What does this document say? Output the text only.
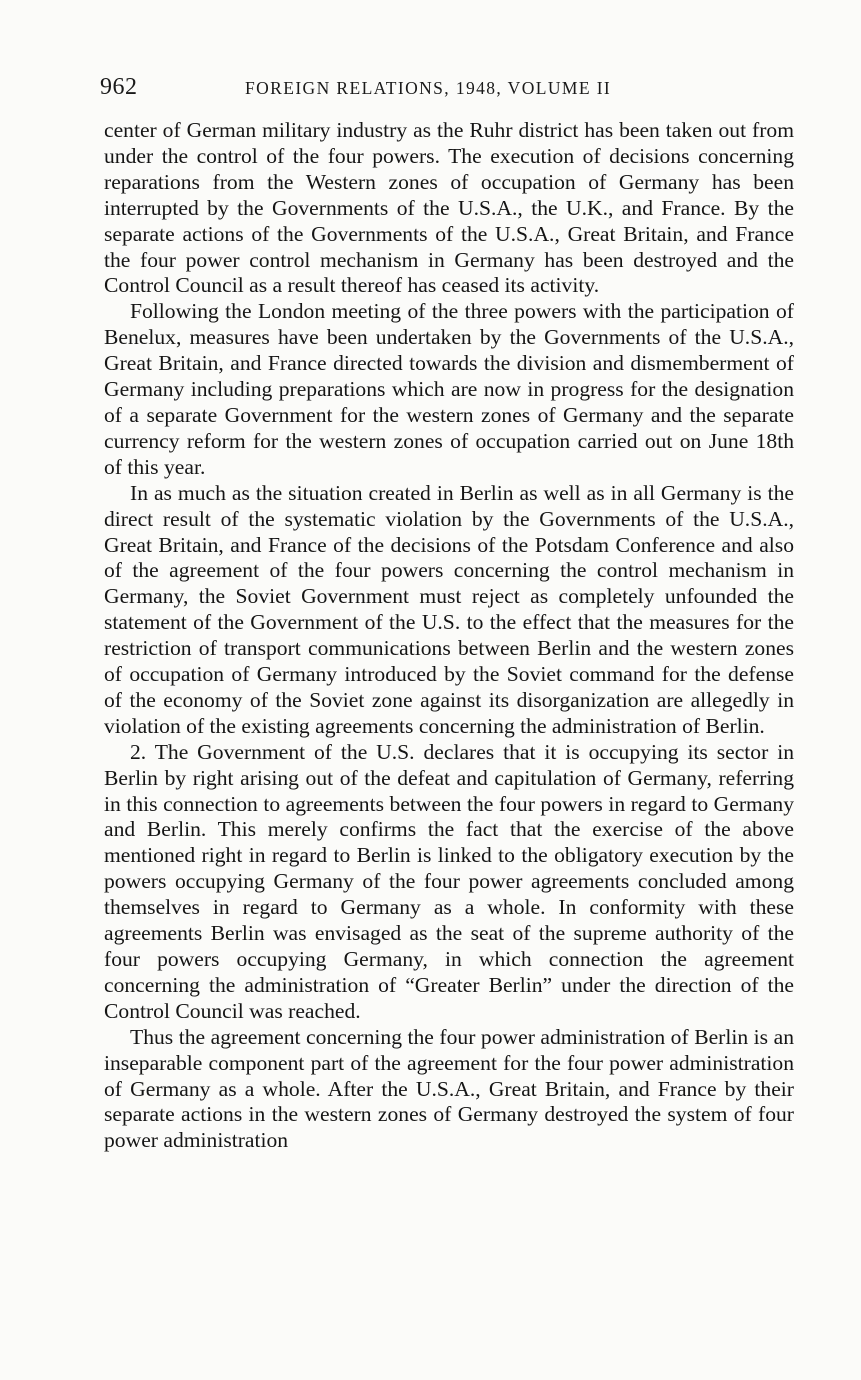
962	FOREIGN RELATIONS, 1948, VOLUME II

center of German military industry as the Ruhr district has been taken out from under the control of the four powers. The execution of decisions concerning reparations from the Western zones of occupation of Germany has been interrupted by the Governments of the U.S.A., the U.K., and France. By the separate actions of the Governments of the U.S.A., Great Britain, and France the four power control mechanism in Germany has been destroyed and the Control Council as a result thereof has ceased its activity.

Following the London meeting of the three powers with the participation of Benelux, measures have been undertaken by the Governments of the U.S.A., Great Britain, and France directed towards the division and dismemberment of Germany including preparations which are now in progress for the designation of a separate Government for the western zones of Germany and the separate currency reform for the western zones of occupation carried out on June 18th of this year.

In as much as the situation created in Berlin as well as in all Germany is the direct result of the systematic violation by the Governments of the U.S.A., Great Britain, and France of the decisions of the Potsdam Conference and also of the agreement of the four powers concerning the control mechanism in Germany, the Soviet Government must reject as completely unfounded the statement of the Government of the U.S. to the effect that the measures for the restriction of transport communications between Berlin and the western zones of occupation of Germany introduced by the Soviet command for the defense of the economy of the Soviet zone against its disorganization are allegedly in violation of the existing agreements concerning the administration of Berlin.

2. The Government of the U.S. declares that it is occupying its sector in Berlin by right arising out of the defeat and capitulation of Germany, referring in this connection to agreements between the four powers in regard to Germany and Berlin. This merely confirms the fact that the exercise of the above mentioned right in regard to Berlin is linked to the obligatory execution by the powers occupying Germany of the four power agreements concluded among themselves in regard to Germany as a whole. In conformity with these agreements Berlin was envisaged as the seat of the supreme authority of the four powers occupying Germany, in which connection the agreement concerning the administration of “Greater Berlin” under the direction of the Control Council was reached.

Thus the agreement concerning the four power administration of Berlin is an inseparable component part of the agreement for the four power administration of Germany as a whole. After the U.S.A., Great Britain, and France by their separate actions in the western zones of Germany destroyed the system of four power administration
